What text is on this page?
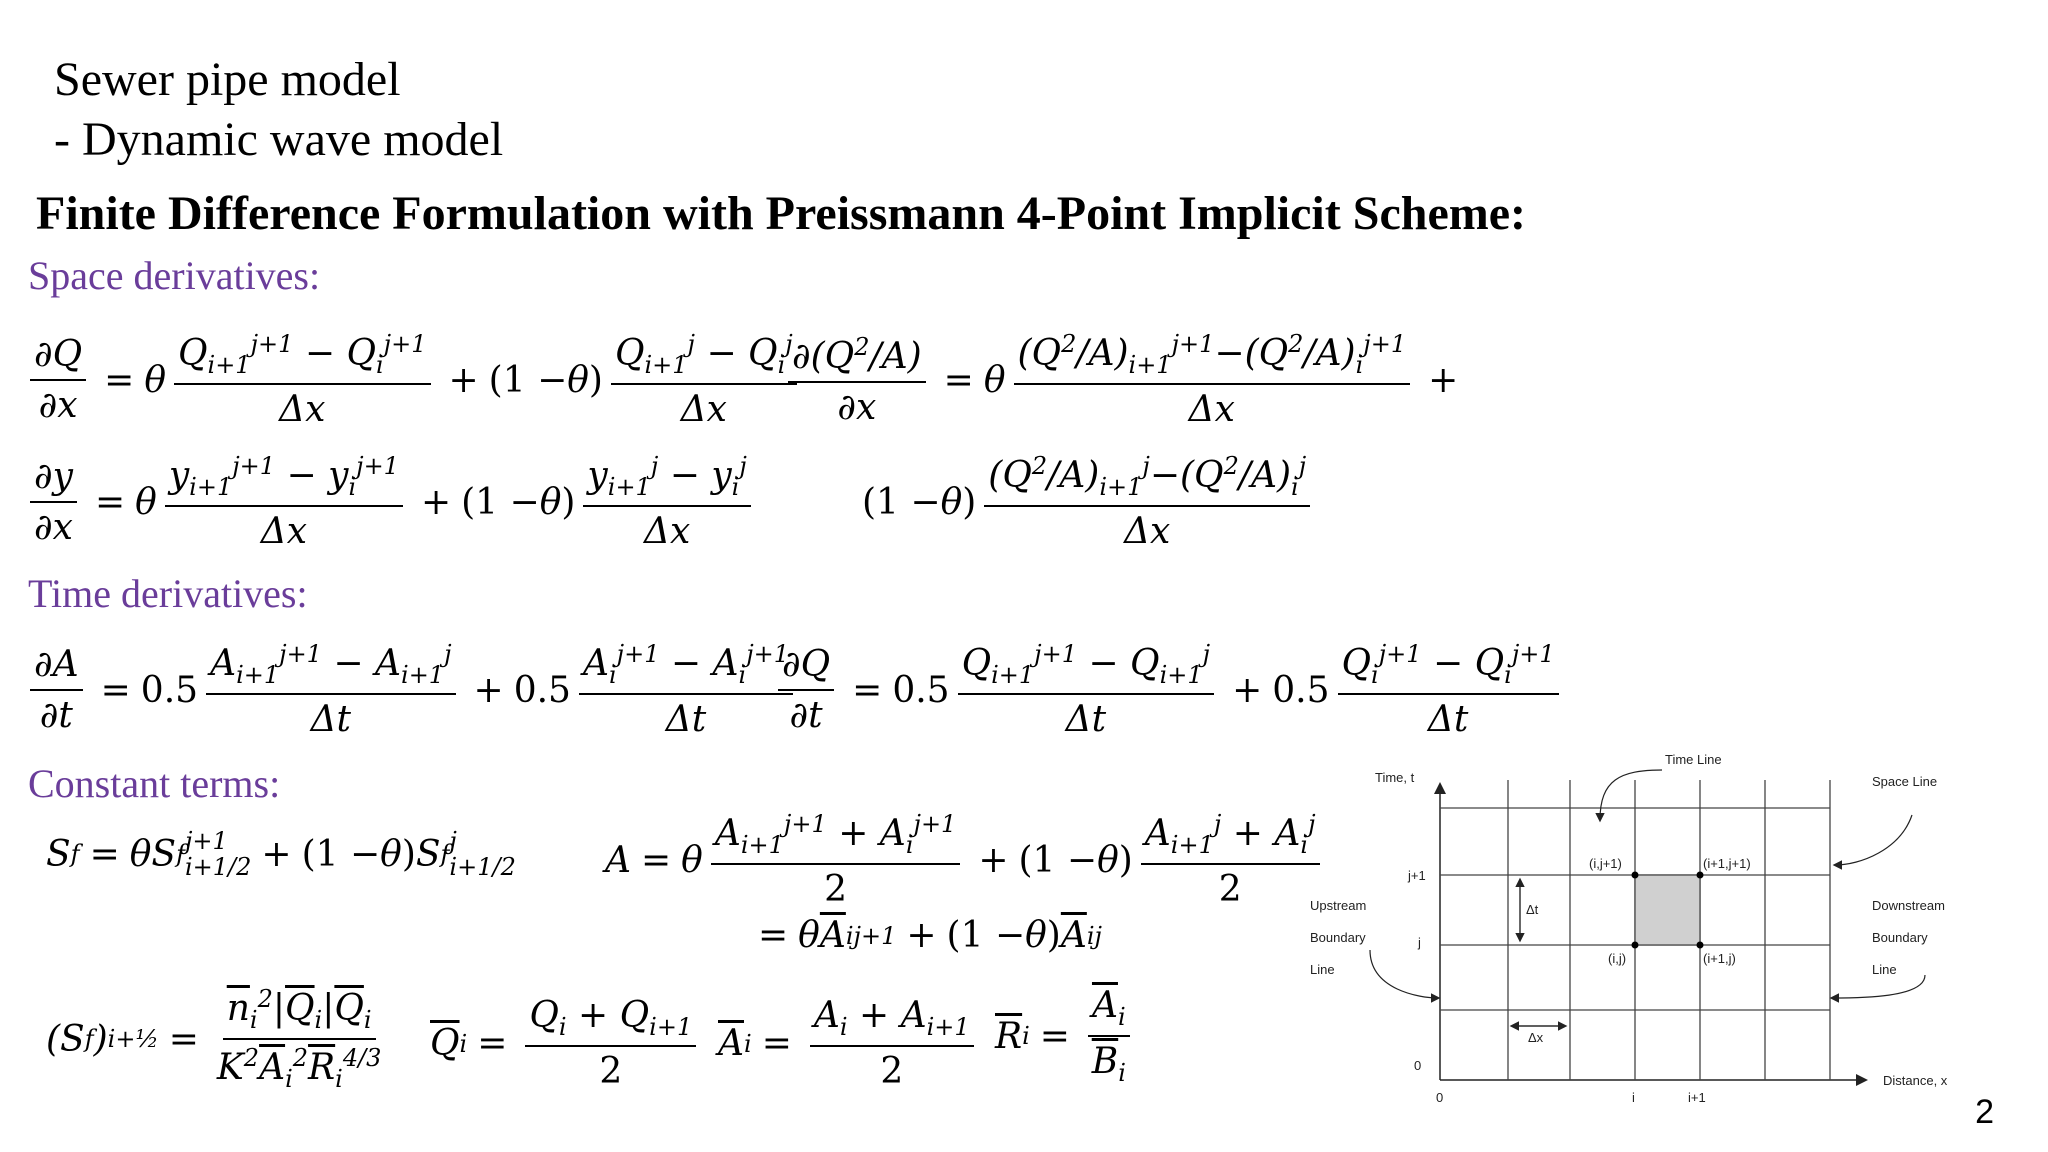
Sewer pipe model
- Dynamic wave model
Finite Difference Formulation with Preissmann 4-Point Implicit Scheme:
Space derivatives:
Time derivatives:
Constant terms:
$\frac{\partial Q}{\partial x} = \theta \frac{Q_{i+1}^{j+1} - Q_i^{j+1}}{\Delta x} + (1 - \theta$ ) $\frac{Q_{i+1}^j - Q_i^j}{\Delta x}$
$\frac{\partial y}{\partial x} = \theta \frac{y_{i+1}^{j+1} - y_i^{j+1}}{\Delta x} + (1 - \theta$ ) $\frac{y_{i+1}^j - y_i^j}{\Delta x}$
$\frac{\partial(Q^2/A)}{\partial x} = \theta \frac{(Q^2/A)_{i+1}^{j+1}-(Q^2/A)_i^{j+1}}{\Delta x}$ +
(1 − θ ) $\frac{(Q^2/A)_{i+1}^j-(Q^2/A)_i^j}{\Delta x}$
$\frac{\partial A}{\partial t} = 0.5 \frac{A_{i+1}^{j+1} - A_{i+1}^j}{\Delta t} + 0.5 \frac{A_i^{j+1} - A_i^{j+1}}{\Delta t}$
$\frac{\partial Q}{\partial t} = 0.5 \frac{Q_{i+1}^{j+1} - Q_{i+1}^j}{\Delta t} + 0.5 \frac{Q_i^{j+1} - Q_i^{j+1}}{\Delta t}$
S f = θS f j+1
i+1/2 + (1 − θ ) S f j
i+1/2 A = θ $\frac{A_{i+1}^{j+1} + A_i^{j+1}}{2} + (1 - \theta$ ) $\frac{A_{i+1}^j + A_i^j}{2}$
= θ $\overline{A}$ i j+1 + (1 − θ ) $\overline{A}$ i j
(S f ) i+½ = $\frac{\overline{n}_i^2|\overline{Q}_i|\overline{Q}_i}{K^2\overline{A}_i^2\overline{R}_i^{4/3}} \overline{Q}$ $i = \frac{Q_i + Q_{i+1}}{2} \overline{A}$ $i = \frac{A_i + A_{i+1}}{2} \overline{R}$ $i = \frac{\overline{A}_i}{\overline{B}_i}$
Time, t
Distance, x
Time Line
Space Line
Upstream
Boundary
Line
Downstream
Boundary
Line
j+1
j
0
0	i	i+1
(i,j+1)	(i+1,j+1)
(i,j)	(i+1,j)
Δt
Δx
2
